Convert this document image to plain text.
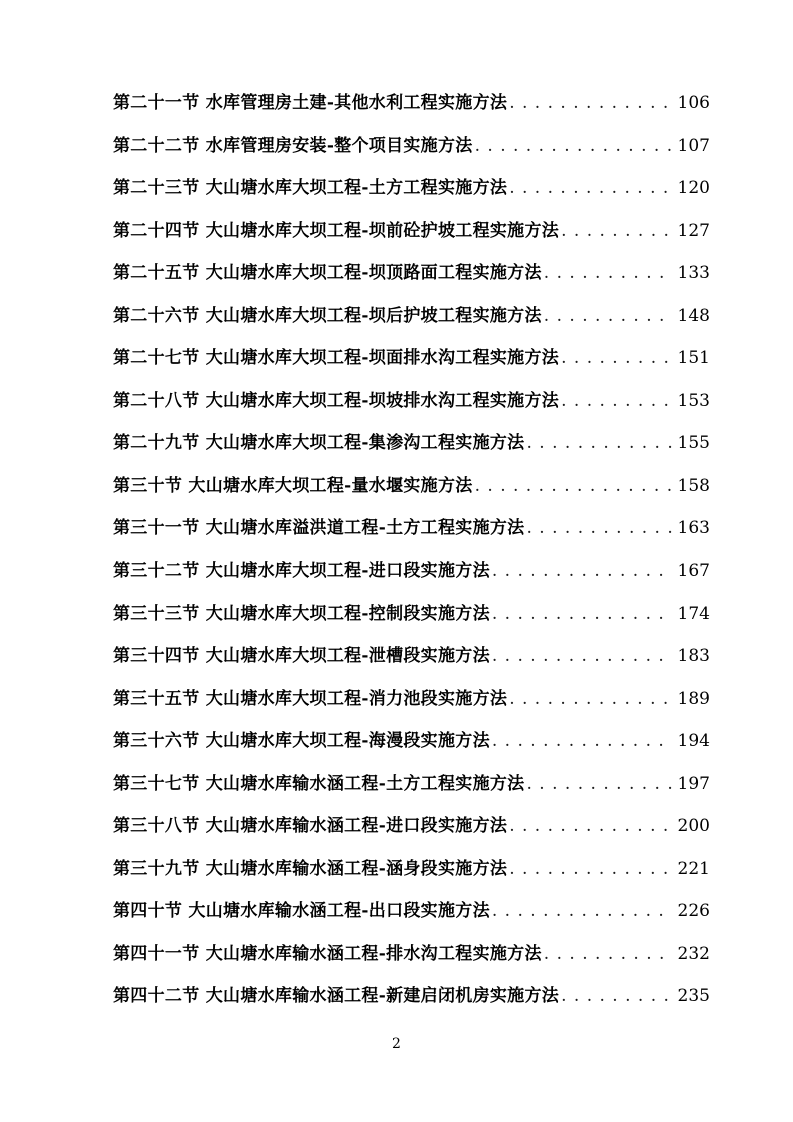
第二十一节 水库管理房土建-其他水利工程实施方法 . . .	106
第二十二节 水库管理房安装-整个项目实施方法 . . .	107
第二十三节 大山塘水库大坝工程-土方工程实施方法 . . .	120
第二十四节 大山塘水库大坝工程-坝前砼护坡工程实施方法 . . .	127
第二十五节 大山塘水库大坝工程-坝顶路面工程实施方法 . . .	133
第二十六节 大山塘水库大坝工程-坝后护坡工程实施方法 . . .	148
第二十七节 大山塘水库大坝工程-坝面排水沟工程实施方法 . . .	151
第二十八节 大山塘水库大坝工程-坝坡排水沟工程实施方法 . . .	153
第二十九节 大山塘水库大坝工程-集渗沟工程实施方法 . . .	155
第三十节 大山塘水库大坝工程-量水堰实施方法 . . .	158
第三十一节 大山塘水库溢洪道工程-土方工程实施方法 . . .	163
第三十二节 大山塘水库大坝工程-进口段实施方法 . . .	167
第三十三节 大山塘水库大坝工程-控制段实施方法 . . .	174
第三十四节 大山塘水库大坝工程-泄槽段实施方法 . . .	183
第三十五节 大山塘水库大坝工程-消力池段实施方法 . . .	189
第三十六节 大山塘水库大坝工程-海漫段实施方法 . . .	194
第三十七节 大山塘水库输水涵工程-土方工程实施方法 . . .	197
第三十八节 大山塘水库输水涵工程-进口段实施方法 . . .	200
第三十九节 大山塘水库输水涵工程-涵身段实施方法 . . .	221
第四十节 大山塘水库输水涵工程-出口段实施方法 . . .	226
第四十一节 大山塘水库输水涵工程-排水沟工程实施方法 . . .	232
第四十二节 大山塘水库输水涵工程-新建启闭机房实施方法 . . .	235
2
